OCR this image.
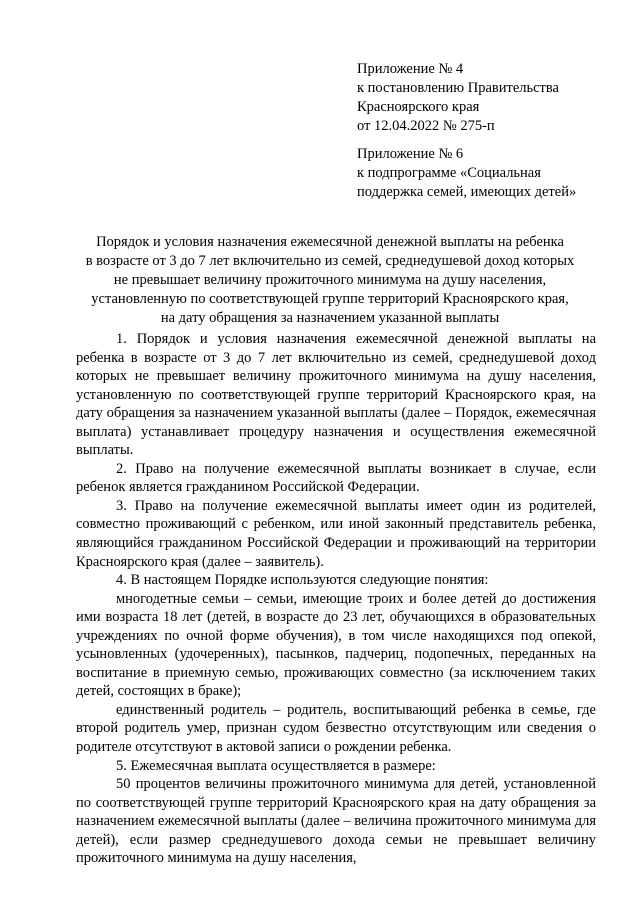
Приложение № 4
к постановлению Правительства
Красноярского края
от 12.04.2022 № 275-п
Приложение № 6
к подпрограмме «Социальная
поддержка семей, имеющих детей»
Порядок и условия назначения ежемесячной денежной выплаты на ребенка
в возрасте от 3 до 7 лет включительно из семей, среднедушевой доход которых
не превышает величину прожиточного минимума на душу населения,
установленную по соответствующей группе территорий Красноярского края,
на дату обращения за назначением указанной выплаты

1. Порядок и условия назначения ежемесячной денежной выплаты на ребенка в возрасте от 3 до 7 лет включительно из семей, среднедушевой доход которых не превышает величину прожиточного минимума на душу населения, установленную по соответствующей группе территорий Красноярского края, на дату обращения за назначением указанной выплаты (далее – Порядок, ежемесячная выплата) устанавливает процедуру назначения и осуществления ежемесячной выплаты.

2. Право на получение ежемесячной выплаты возникает в случае, если ребенок является гражданином Российской Федерации.

3. Право на получение ежемесячной выплаты имеет один из родителей, совместно проживающий с ребенком, или иной законный представитель ребенка, являющийся гражданином Российской Федерации и проживающий на территории Красноярского края (далее – заявитель).

4. В настоящем Порядке используются следующие понятия:

многодетные семьи – семьи, имеющие троих и более детей до достижения ими возраста 18 лет (детей, в возрасте до 23 лет, обучающихся в образовательных учреждениях по очной форме обучения), в том числе находящихся под опекой, усыновленных (удочеренных), пасынков, падчериц, подопечных, переданных на воспитание в приемную семью, проживающих совместно (за исключением таких детей, состоящих в браке);

единственный родитель – родитель, воспитывающий ребенка в семье, где второй родитель умер, признан судом безвестно отсутствующим или сведения о родителе отсутствуют в актовой записи о рождении ребенка.

5. Ежемесячная выплата осуществляется в размере:

50 процентов величины прожиточного минимума для детей, установленной по соответствующей группе территорий Красноярского края на дату обращения за назначением ежемесячной выплаты (далее – величина прожиточного минимума для детей), если размер среднедушевого дохода семьи не превышает величину прожиточного минимума на душу населения,
